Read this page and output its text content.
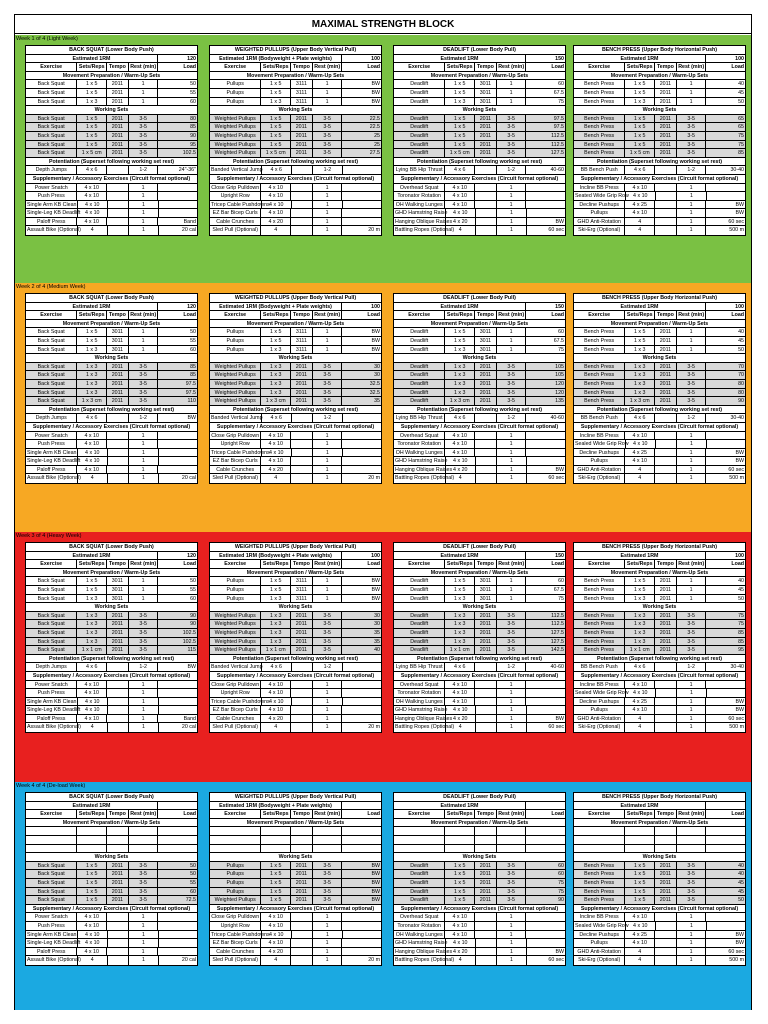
MAXIMAL STRENGTH BLOCK
Week 1 of 4 (Light Week)
BACK SQUAT (Lower Body Push)
Estimated 1RM	120
Exercise	Sets/Reps Tempo Rest (min)	Load
Movement Preparation / Warm-Up Sets
Back Squat	1 x 5	2011	1	50
Back Squat	1 x 5	2011	1	55
Back Squat	1 x 3	2011	1	60
Working Sets
Back Squat	1 x 5	2011	3-5	80
Back Squat	1 x 5	2011	3-5	85
Back Squat	1 x 5	2011	3-5	90
Back Squat	1 x 5	2011	3-5	95
Back Squat	1 x 5 cm	2011	3-5	102.5
Potentiation (Superset following working set rest)
Depth Jumps	4 x 6	1-2	24"-36"
Supplementary / Accessory Exercises (Circuit format optional)
Power Snatch	4 x 10	1
Push Press	4 x 10	1
Single Arm KB Clean	4 x 10	1
Single-Leg KB Deadlift 4 x 10	1
Paloff Press	4 x 10	1	Band
Assault Bike (Optional)	4	1	20 cal
WEIGHTED PULLUPS (Upper Body Vertical Pull)
Estimated 1RM (Bodyweight + Plate weights)	100
Exercise	Sets/Reps Tempo Rest (min)	Load
Movement Preparation / Warm-Up Sets
Pullups	1 x 5	3111	1	BW
Pullups	1 x 5	3111	1	BW
Pullups	1 x 3	3111	1	BW
Working Sets
Weighted Pullups	1 x 5	2011	3-5	22.5
Weighted Pullups	1 x 5	2011	3-5	22.5
Weighted Pullups	1 x 5	2011	3-5	25
Weighted Pullups	1 x 5	2011	3-5	25
Weighted Pullups	1 x 5 cm	2011	3-5	27.5
Potentiation (Superset following working set rest)
Banded Vertical Jump	4 x 6	1-2
Supplementary / Accessory Exercises (Circuit format optional)
Close Grip Pulldown	4 x 10	1
Upright Row	4 x 10	1
Tricep Cable Pushdowns 4 x 10	1
EZ Bar Bicep Curls	4 x 10	1
Cable Crunches	4 x 20	1
Sled Pull (Optional)	4	1	20 m
DEADLIFT (Lower Body Pull)
Estimated 1RM	150
Exercise	Sets/Reps Tempo Rest (min)	Load
Movement Preparation / Warm-Up Sets
Deadlift	1 x 5	3011	1	60
Deadlift	1 x 5	3011	1	67.5
Deadlift	1 x 3	3011	1	75
Working Sets
Deadlift	1 x 5	2011	3-5	97.5
Deadlift	1 x 5	2011	3-5	97.5
Deadlift	1 x 5	2011	3-5	112.5
Deadlift	1 x 5	2011	3-5	112.5
Deadlift	1 x 5 cm	2011	3-5	127.5
Potentiation (Superset following working set rest)
Lying BB Hip Thrust	4 x 6	1-2	40-60
Supplementary / Accessory Exercises (Circuit format optional)
Overhead Squat	4 x 10	1
Toronator Rotation	4 x 10	1
OH Walking Lunges	4 x 10	1
GHD Hamstring Raise	4 x 10	1
Hanging Oblique Raises 4 x 20	1	BW
Battling Ropes (Optional) 4	1	60 sec
BENCH PRESS (Upper Body Horizontal Push)
Estimated 1RM	100
Exercise	Sets/Reps Tempo Rest (min)	Load
Movement Preparation / Warm-Up Sets
Bench Press	1 x 5	2011	1	40
Bench Press	1 x 5	2011	1	45
Bench Press	1 x 3	2011	1	50
Working Sets
Bench Press	1 x 5	2011	3-5	65
Bench Press	1 x 5	2011	3-5	65
Bench Press	1 x 5	2011	3-5	75
Bench Press	1 x 5	2011	3-5	75
Bench Press	1 x 5 cm	2011	3-5	85
Potentiation (Superset following working set rest)
BB Bench Push	4 x 6	1-2	30-40
Supplementary / Accessory Exercises (Circuit format optional)
Incline BB Press	4 x 10	1
Seated Wide Grip Row 4 x 10	1
Decline Pushups	4 x 25	1	BW
Pullups	4 x 10	1	BW
GHD Anti-Rotation	4	1	60 sec
Ski-Erg (Optional)	4	1	500 m
Week 2 of 4 (Medium Week)
BACK SQUAT (Lower Body Push)
Estimated 1RM	120
Exercise	Sets/Reps Tempo Rest (min)	Load
Movement Preparation / Warm-Up Sets
Back Squat	1 x 5	3011	1	50
Back Squat	1 x 5	3011	1	55
Back Squat	1 x 3	3011	1	60
Working Sets
Back Squat	1 x 3	2011	3-5	85
Back Squat	1 x 3	2011	3-5	85
Back Squat	1 x 3	2011	3-5	97.5
Back Squat	1 x 3	2011	3-5	97.5
Back Squat	1 x 3 cm	2011	3-5	110
Potentiation (Superset following working set rest)
Depth Jumps	4 x 6	1-2	BW
Supplementary / Accessory Exercises (Circuit format optional)
Power Snatch	4 x 10	1
Push Press	4 x 10	1
Single Arm KB Clean	4 x 10	1
Single-Leg KB Deadlift 4 x 10	1
Paloff Press	4 x 10	1
Assault Bike (Optional)	4	1	20 cal
WEIGHTED PULLUPS (Upper Body Vertical Pull)
Estimated 1RM (Bodyweight + Plate weights)	100
Exercise	Sets/Reps Tempo Rest (min)	Load
Movement Preparation / Warm-Up Sets
Pullups	1 x 5	3111	1	BW
Pullups	1 x 5	3111	1	BW
Pullups	1 x 3	3111	1	BW
Working Sets
Weighted Pullups	1 x 3	2011	3-5	30
Weighted Pullups	1 x 3	2011	3-5	30
Weighted Pullups	1 x 3	2011	3-5	32.5
Weighted Pullups	1 x 3	2011	3-5	32.5
Weighted Pullups	1 x 3 cm	2011	3-5	35
Potentiation (Superset following working set rest)
Banded Vertical Jump	4 x 6	1-2
Supplementary / Accessory Exercises (Circuit format optional)
Close Grip Pulldown	4 x 10	1
Upright Row	4 x 10	1
Tricep Cable Pushdowns 4 x 10	1
EZ Bar Bicep Curls	4 x 10	1
Cable Crunches	4 x 20	1
Sled Pull (Optional)	4	1	20 m
DEADLIFT (Lower Body Pull)
Estimated 1RM	150
Exercise	Sets/Reps Tempo Rest (min)	Load
Movement Preparation / Warm-Up Sets
Deadlift	1 x 5	3011	1	60
Deadlift	1 x 5	3011	1	67.5
Deadlift	1 x 3	3011	1	75
Working Sets
Deadlift	1 x 3	2011	3-5	105
Deadlift	1 x 3	2011	3-5	105
Deadlift	1 x 3	2011	3-5	120
Deadlift	1 x 3	2011	3-5	120
Deadlift	1 x 3 cm	2011	3-5	135
Potentiation (Superset following working set rest)
Lying BB Hip Thrust	4 x 6	1-2	40-60
Supplementary / Accessory Exercises (Circuit format optional)
Overhead Squat	4 x 10	1
Toronator Rotation	4 x 10	1
OH Walking Lunges	4 x 10	1
GHD Hamstring Raise	4 x 10	1
Hanging Oblique Raises 4 x 20	1	BW
Battling Ropes (Optional) 4	1	60 sec
BENCH PRESS (Upper Body Horizontal Push)
Estimated 1RM	100
Exercise	Sets/Reps Tempo Rest (min)	Load
Movement Preparation / Warm-Up Sets
Bench Press	1 x 5	2011	1	40
Bench Press	1 x 5	2011	1	45
Bench Press	1 x 3	2011	1	50
Working Sets
Bench Press	1 x 3	2011	3-5	70
Bench Press	1 x 3	2011	3-5	70
Bench Press	1 x 3	2011	3-5	80
Bench Press	1 x 3	2011	3-5	80
Bench Press	1 x 3 cm	2011	3-5	90
Potentiation (Superset following working set rest)
BB Bench Push	4 x 6	1-2	30-40
Supplementary / Accessory Exercises (Circuit format optional)
Incline BB Press	4 x 10	1
Sealed Wide Grip Row 4 x 10	1
Decline Pushups	4 x 25	1	BW
Pullups	4 x 10	1	BW
GHD Anti-Rotation	4	1	60 sec
Ski-Erg (Optional)	4	1	500 m
Week 3 of 4 (Heavy Week)
BACK SQUAT (Lower Body Push)
Estimated 1RM	120
Exercise	Sets/Reps Tempo Rest (min)	Load
Movement Preparation / Warm-Up Sets
Back Squat	1 x 5	3011	1	50
Back Squat	1 x 5	3011	1	55
Back Squat	1 x 3	3011	1	60
Working Sets
Back Squat	1 x 3	2011	3-5	90
Back Squat	1 x 3	2011	3-5	90
Back Squat	1 x 3	2011	3-5	102.5
Back Squat	1 x 3	2011	3-5	102.5
Back Squat	1 x 1 cm	2011	3-5	115
Potentiation (Superset following working set rest)
Depth Jumps	4 x 6	1-2	BW
Supplementary / Accessory Exercises (Circuit format optional)
Power Snatch	4 x 10	1
Push Press	4 x 10	1
Single Arm KB Clean	4 x 10	1
Single-Leg KB Deadlift 4 x 10	1
Paloff Press	4 x 10	1	Band
Assault Bike (Optional)	4	1	20 cal
WEIGHTED PULLUPS (Upper Body Vertical Pull)
Estimated 1RM (Bodyweight + Plate weights)	100
Exercise	Sets/Reps Tempo Rest (min)	Load
Movement Preparation / Warm-Up Sets
Pullups	1 x 5	3111	1	BW
Pullups	1 x 5	3111	1	BW
Pullups	1 x 3	3111	1	BW
Working Sets
Weighted Pullups	1 x 3	2011	3-5	30
Weighted Pullups	1 x 3	2011	3-5	30
Weighted Pullups	1 x 3	2011	3-5	35
Weighted Pullups	1 x 3	2011	3-5	35
Weighted Pullups	1 x 1 cm	2011	3-5	40
Potentiation (Superset following working set rest)
Banded Vertical Jump	4 x 6	1-2
Supplementary / Accessory Exercises (Circuit format optional)
Close Grip Pulldown	4 x 10	1
Upright Row	4 x 10	1
Tricep Cable Pushdowns 4 x 10	1
EZ Bar Bicep Curls	4 x 10	1
Cable Crunches	4 x 20	1
Sled Pull (Optional)	4	1	20 m
DEADLIFT (Lower Body Pull)
Estimated 1RM	150
Exercise	Sets/Reps Tempo Rest (min)	Load
Movement Preparation / Warm-Up Sets
Deadlift	1 x 5	3011	1	60
Deadlift	1 x 5	3011	1	67.5
Deadlift	1 x 3	3011	1	75
Working Sets
Deadlift	1 x 3	2011	3-5	112.5
Deadlift	1 x 3	2011	3-5	112.5
Deadlift	1 x 3	2011	3-5	127.5
Deadlift	1 x 3	2011	3-5	127.5
Deadlift	1 x 1 cm	2011	3-5	142.5
Potentiation (Superset following working set rest)
Lying BB Hip Thrust	4 x 6	1-2	40-60
Supplementary / Accessory Exercises (Circuit format optional)
Overhead Squat	4 x 10	1
Toronator Rotation	4 x 10	1
OH Walking Lunges	4 x 10	1
GHD Hamstring Raise	4 x 10	1
Hanging Oblique Raises 4 x 20	1	BW
Battling Ropes (Optional) 4	1	60 sec
BENCH PRESS (Upper Body Horizontal Push)
Estimated 1RM	100
Exercise	Sets/Reps Tempo Rest (min)	Load
Movement Preparation / Warm-Up Sets
Bench Press	1 x 5	2011	1	40
Bench Press	1 x 5	2011	1	45
Bench Press	1 x 3	2011	1	50
Working Sets
Bench Press	1 x 3	2011	3-5	75
Bench Press	1 x 3	2011	3-5	75
Bench Press	1 x 3	2011	3-5	85
Bench Press	1 x 3	2011	3-5	85
Bench Press	1 x 1 cm	2011	3-5	95
Potentiation (Superset following working set rest)
BB Bench Push	4 x 6	1-2	30-40
Supplementary / Accessory Exercises (Circuit format optional)
Incline BB Press	4 x 10	1
Sealed Wide Grip Row 4 x 10	1
Decline Pushups	4 x 25	1	BW
Pullups	4 x 10	1	BW
GHD Anti-Rotation	4	1	60 sec
Ski-Erg (Optional)	4	1	500 m
Week 4 of 4 (De-load Week)
BACK SQUAT (Lower Body Push)
Estimated 1RM
Exercise	Sets/Reps Tempo Rest (min)	Load
Movement Preparation / Warm-Up Sets
Working Sets
Back Squat	1 x 5	2011	3-5	50
Back Squat	1 x 5	2011	3-5	50
Back Squat	1 x 5	2011	3-5	55
Back Squat	1 x 5	2011	3-5	60
Back Squat	1 x 5	2011	3-5	72.5
Supplementary / Accessory Exercises (Circuit format optional)
Power Snatch	4 x 10	1
Push Press	4 x 10	1
Single Arm KB Clean	4 x 10	1
Single-Leg KB Deadlift 4 x 10	1
Paloff Press	4 x 10	1
Assault Bike (Optional)	4	1	20 cal
WEIGHTED PULLUPS (Upper Body Vertical Pull)
Estimated 1RM (Bodyweight + Plate weights)
Exercise	Sets/Reps Tempo Rest (min)	Load
Movement Preparation / Warm-Up Sets
Working Sets
Pullups	1 x 5	2011	3-5	BW
Pullups	1 x 5	2011	3-5	BW
Pullups	1 x 5	2011	3-5	BW
Pullups	1 x 5	2011	3-5	BW
Weighted Pullups	1 x 5	2011	3-5	BW
Supplementary / Accessory Exercises (Circuit format optional)
Close Grip Pulldown	4 x 10	1
Upright Row	4 x 10	1
Tricep Cable Pushdowns 4 x 10	1
EZ Bar Bicep Curls	4 x 10	1
Cable Crunches	4 x 20	1
Sled Pull (Optional)	4	1	20 m
DEADLIFT (Lower Body Pull)
Estimated 1RM
Exercise	Sets/Reps Tempo Rest (min)	Load
Movement Preparation / Warm-Up Sets
Working Sets
Deadlift	1 x 5	2011	3-5	60
Deadlift	1 x 5	2011	3-5	60
Deadlift	1 x 5	2011	3-5	75
Deadlift	1 x 5	2011	3-5	75
Deadlift	1 x 5	2011	3-5	90
Supplementary / Accessory Exercises (Circuit format optional)
Overhead Squat	4 x 10	1
Toronator Rotation	4 x 10	1
OH Walking Lunges	4 x 10	1
GHD Hamstring Raise	4 x 10	1
Hanging Oblique Raises 4 x 20	1	BW
Battling Ropes (Optional) 4	1	60 sec
BENCH PRESS (Upper Body Horizontal Push)
Estimated 1RM
Exercise	Sets/Reps Tempo Rest (min)	Load
Movement Preparation / Warm-Up Sets
Working Sets
Bench Press	1 x 5	2011	3-5	40
Bench Press	1 x 5	2011	3-5	40
Bench Press	1 x 5	2011	3-5	45
Bench Press	1 x 5	2011	3-5	45
Bench Press	1 x 5	2011	3-5	50
Supplementary / Accessory Exercises (Circuit format optional)
Incline BB Press	4 x 10	1
Sealed Wide Grip Row 4 x 10	1
Decline Pushups	4 x 25	1	BW
Pullups	4 x 10	1	BW
GHD Anti-Rotation	4	1	60 sec
Ski-Erg (Optional)	4	1	500 m
